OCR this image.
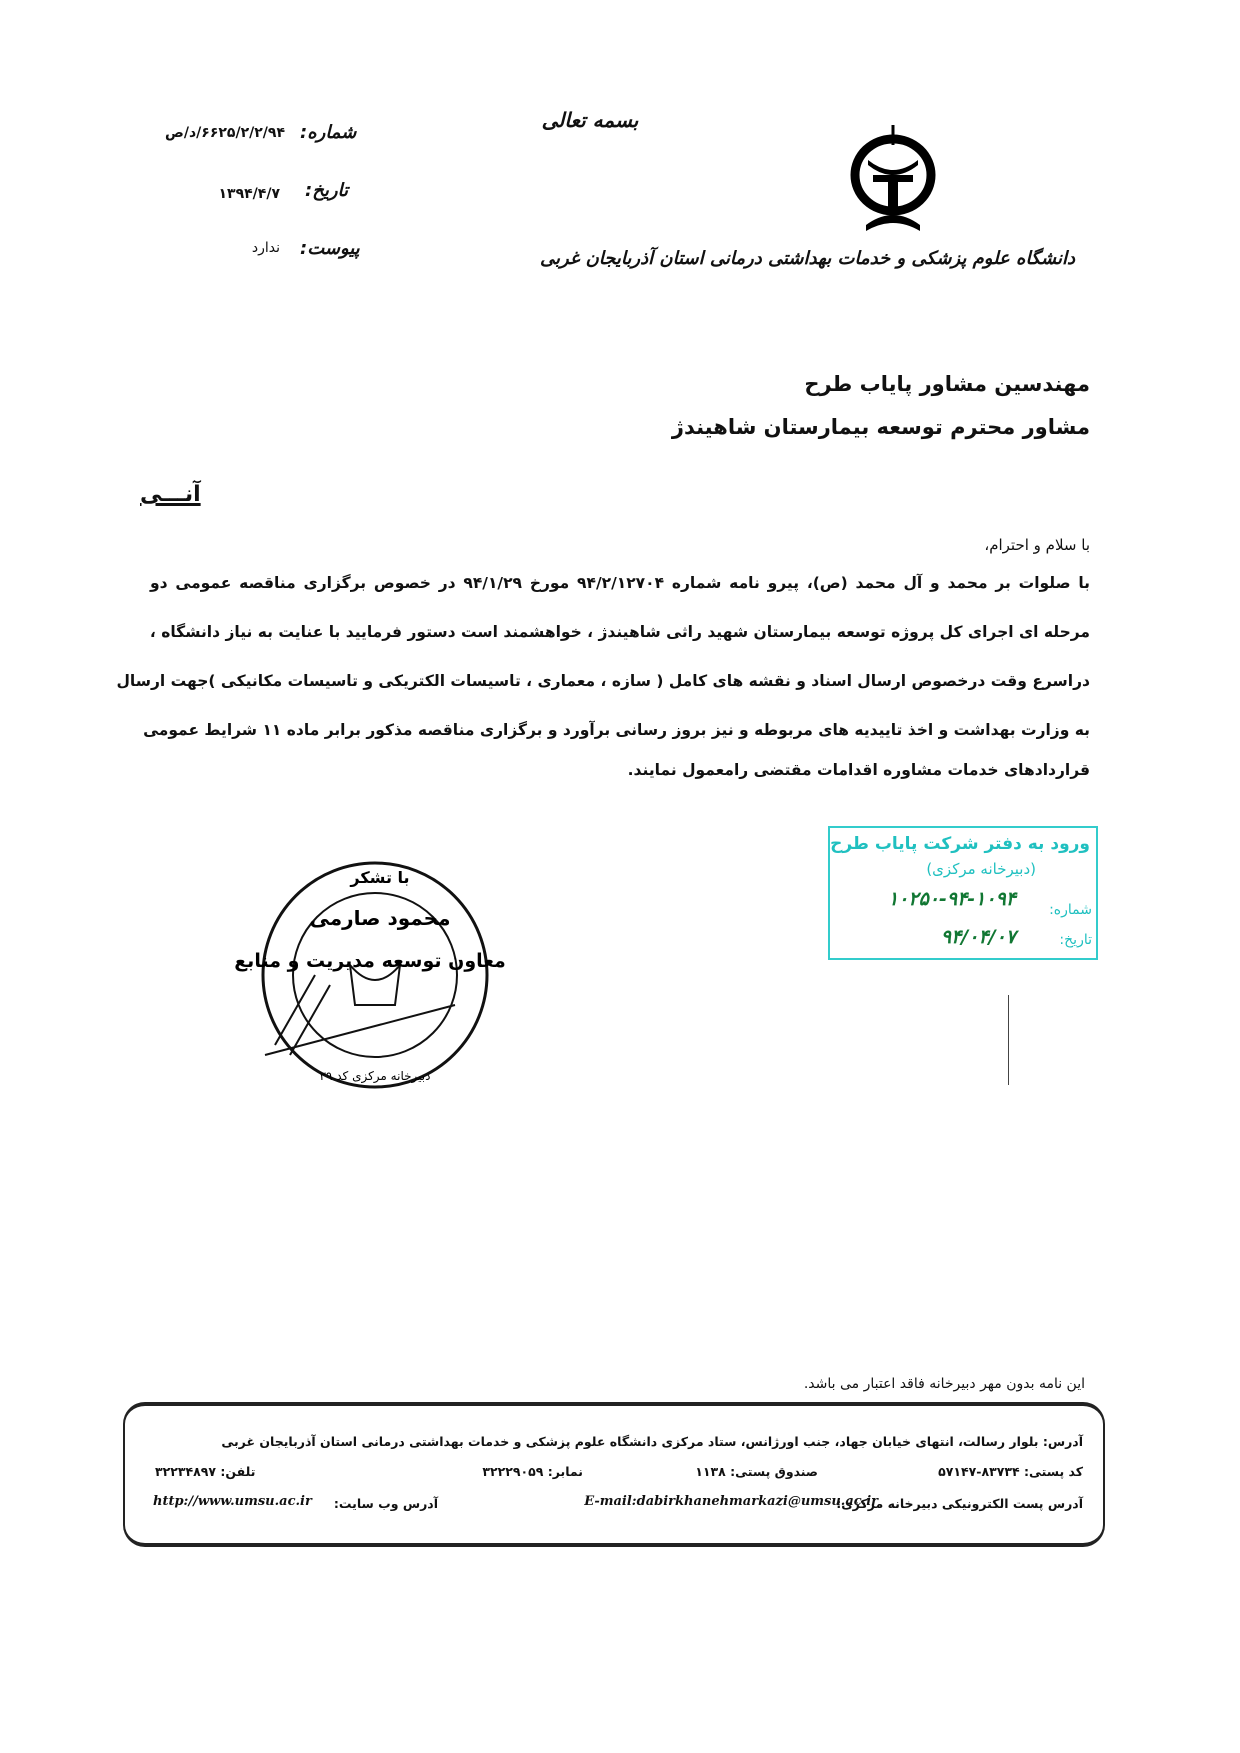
بسمه تعالی
شماره:
۶۶۲۵/۲/۲/۹۴/د/ص
تاریخ:
۱۳۹۴/۴/۷
پیوست:
ندارد	دانشگاه علوم پزشکی و خدمات بهداشتی درمانی استان آذربایجان غربی
مهندسین مشاور پایاب طرح
مشاور محترم توسعه بیمارستان شاهیندژ
آنـــی
با سلام و احترام،
با صلوات بر محمد و آل محمد (ص)، پیرو نامه شماره ۹۴/۲/۱۲۷۰۴ مورخ ۹۴/۱/۲۹ در خصوص برگزاری مناقصه عمومی دو
مرحله ای اجرای کل پروژه توسعه بیمارستان شهید راثی شاهیندژ ، خواهشمند است دستور فرمایید با عنایت به نیاز دانشگاه ،
دراسرع وقت درخصوص ارسال اسناد و نقشه های کامل ( سازه ، معماری ، تاسیسات الکتریکی و تاسیسات مکانیکی )جهت ارسال
به وزارت بهداشت و اخذ تاییدیه های مربوطه و نیز بروز رسانی برآورد و برگزاری مناقصه مذکور برابر ماده ۱۱ شرایط عمومی
قراردادهای خدمات مشاوره اقدامات مقتضی رامعمول نمایند.
ورود به دفتر شرکت پایاب طرح
(دبیرخانه مرکزی)
شماره:
۱۰۲۵۰-۹۴-۱۰۹۴
تاریخ:
۹۴/۰۴/۰۷
با تشکر
محمود صارمی
معاون توسعه مدیریت و منابع
دبیرخانه مرکزی کد ۳۹
این نامه بدون مهر دبیرخانه فاقد اعتبار می باشد.
آدرس: بلوار رسالت، انتهای خیابان جهاد، جنب اورژانس، ستاد مرکزی دانشگاه علوم پزشکی و خدمات بهداشتی درمانی استان آذربایجان غربی
کد پستی: ۸۳۷۳۴-۵۷۱۴۷
صندوق پستی: ۱۱۳۸
نمابر: ۳۲۲۲۹۰۵۹
تلفن: ۳۲۲۳۴۸۹۷
آدرس پست الکترونیکی دبیرخانه مرکزی:
E-mail:dabirkhanehmarkazi@umsu.ac.ir
آدرس وب سایت:
http://www.umsu.ac.ir
